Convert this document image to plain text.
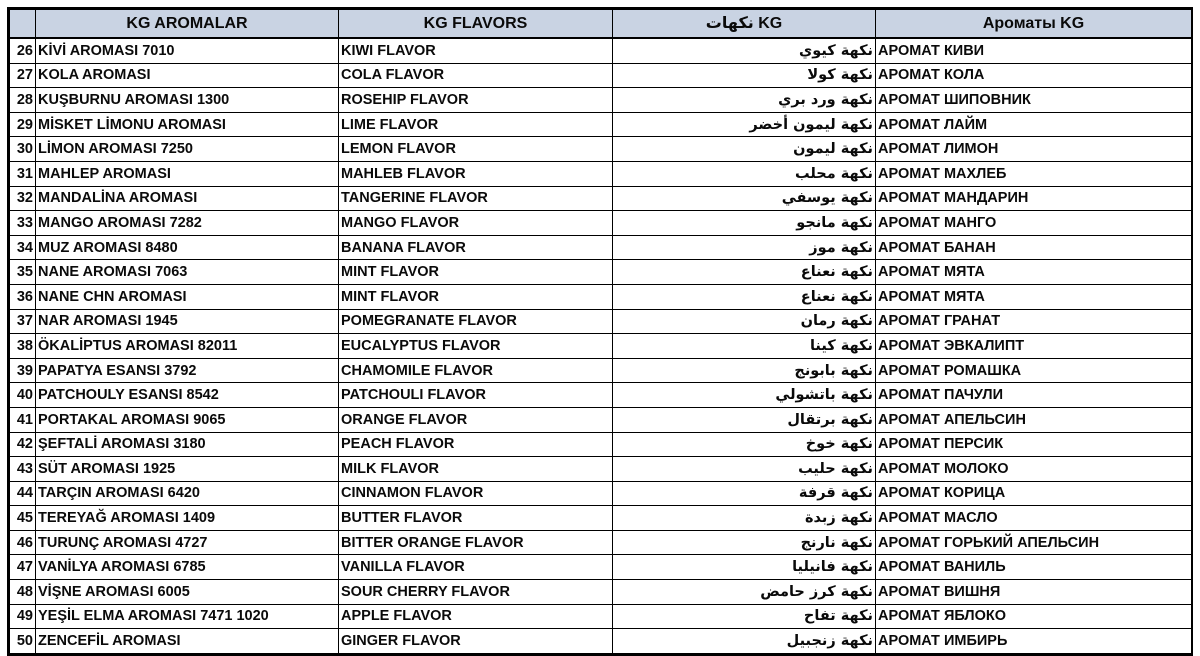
	KG AROMALAR	KG FLAVORS	KG نكهات	Ароматы KG
26	KİVİ AROMASI 7010	KIWI FLAVOR	نكهة كيوي	АРОМАТ КИВИ
27	KOLA AROMASI	COLA FLAVOR	نكهة كولا	АРОМАТ КОЛА
28	KUŞBURNU AROMASI 1300	ROSEHIP FLAVOR	نكهة ورد بري	АРОМАТ ШИПОВНИК
29	MİSKET LİMONU AROMASI	LIME FLAVOR	نكهة ليمون أخضر	АРОМАТ ЛАЙМ
30	LİMON AROMASI 7250	LEMON FLAVOR	نكهة ليمون	АРОМАТ ЛИМОН
31	MAHLEP AROMASI	MAHLEB FLAVOR	نكهة محلب	АРОМАТ МАХЛЕБ
32	MANDALİNA AROMASI	TANGERINE FLAVOR	نكهة يوسفي	АРОМАТ МАНДАРИН
33	MANGO AROMASI 7282	MANGO FLAVOR	نكهة مانجو	АРОМАТ МАНГО
34	MUZ AROMASI 8480	BANANA FLAVOR	نكهة موز	АРОМАТ БАНАН
35	NANE AROMASI 7063	MINT FLAVOR	نكهة نعناع	АРОМАТ МЯТА
36	NANE CHN AROMASI	MINT FLAVOR	نكهة نعناع	АРОМАТ МЯТА
37	NAR AROMASI 1945	POMEGRANATE FLAVOR	نكهة رمان	АРОМАТ ГРАНАТ
38	ÖKALİPTUS AROMASI 82011	EUCALYPTUS FLAVOR	نكهة كينا	АРОМАТ ЭВКАЛИПТ
39	PAPATYA ESANSI 3792	CHAMOMILE FLAVOR	نكهة بابونج	АРОМАТ РОМАШКА
40	PATCHOULY ESANSI 8542	PATCHOULI FLAVOR	نكهة باتشولي	АРОМАТ ПАЧУЛИ
41	PORTAKAL AROMASI 9065	ORANGE FLAVOR	نكهة برتقال	АРОМАТ АПЕЛЬСИН
42	ŞEFTALİ AROMASI 3180	PEACH FLAVOR	نكهة خوخ	АРОМАТ ПЕРСИК
43	SÜT AROMASI 1925	MILK FLAVOR	نكهة حليب	АРОМАТ МОЛОКО
44	TARÇIN AROMASI 6420	CINNAMON FLAVOR	نكهة قرفة	АРОМАТ КОРИЦА
45	TEREYAĞ AROMASI 1409	BUTTER FLAVOR	نكهة زبدة	АРОМАТ МАСЛО
46	TURUNÇ AROMASI 4727	BITTER ORANGE FLAVOR	نكهة نارنج	АРОМАТ ГОРЬКИЙ АПЕЛЬСИН
47	VANİLYA AROMASI 6785	VANILLA FLAVOR	نكهة فانيليا	АРОМАТ ВАНИЛЬ
48	VİŞNE AROMASI 6005	SOUR CHERRY FLAVOR	نكهة كرز حامض	АРОМАТ ВИШНЯ
49	YEŞİL ELMA AROMASI 7471 1020	APPLE FLAVOR	نكهة تفاح	АРОМАТ ЯБЛОКО
50	ZENCEFİL AROMASI	GINGER FLAVOR	نكهة زنجبيل	АРОМАТ ИМБИРЬ
